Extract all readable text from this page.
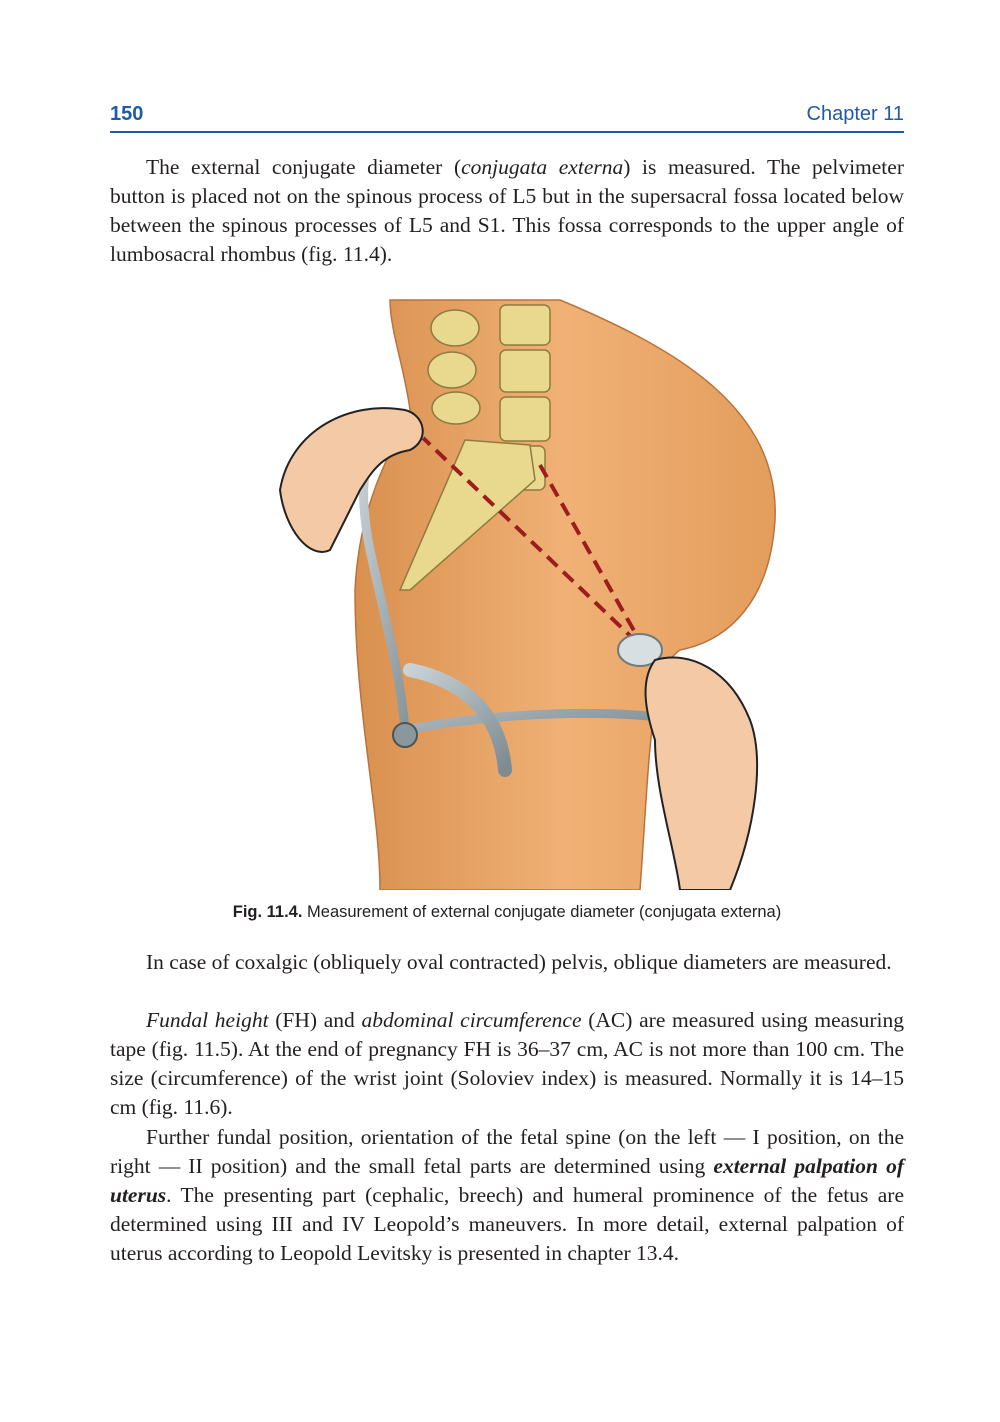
150	Chapter 11

The external conjugate diameter (conjugata externa) is measured. The pelvimeter button is placed not on the spinous process of L5 but in the supersacral fossa located below between the spinous processes of L5 and S1. This fossa corresponds to the upper angle of lumbosacral rhombus (fig. 11.4).

Fig. 11.4. Measurement of external conjugate diameter (conjugata externa)

In case of coxalgic (obliquely oval contracted) pelvis, oblique diameters are measured.

Fundal height (FH) and abdominal circumference (AC) are measured using measuring tape (fig. 11.5). At the end of pregnancy FH is 36–37 cm, AC is not more than 100 cm. The size (circumference) of the wrist joint (Soloviev index) is measured. Normally it is 14–15 cm (fig. 11.6).

Further fundal position, orientation of the fetal spine (on the left — I position, on the right — II position) and the small fetal parts are determined using external palpation of uterus. The presenting part (cephalic, breech) and humeral prominence of the fetus are determined using III and IV Leopold’s maneuvers. In more detail, external palpation of uterus according to Leopold Levitsky is presented in chapter 13.4.
